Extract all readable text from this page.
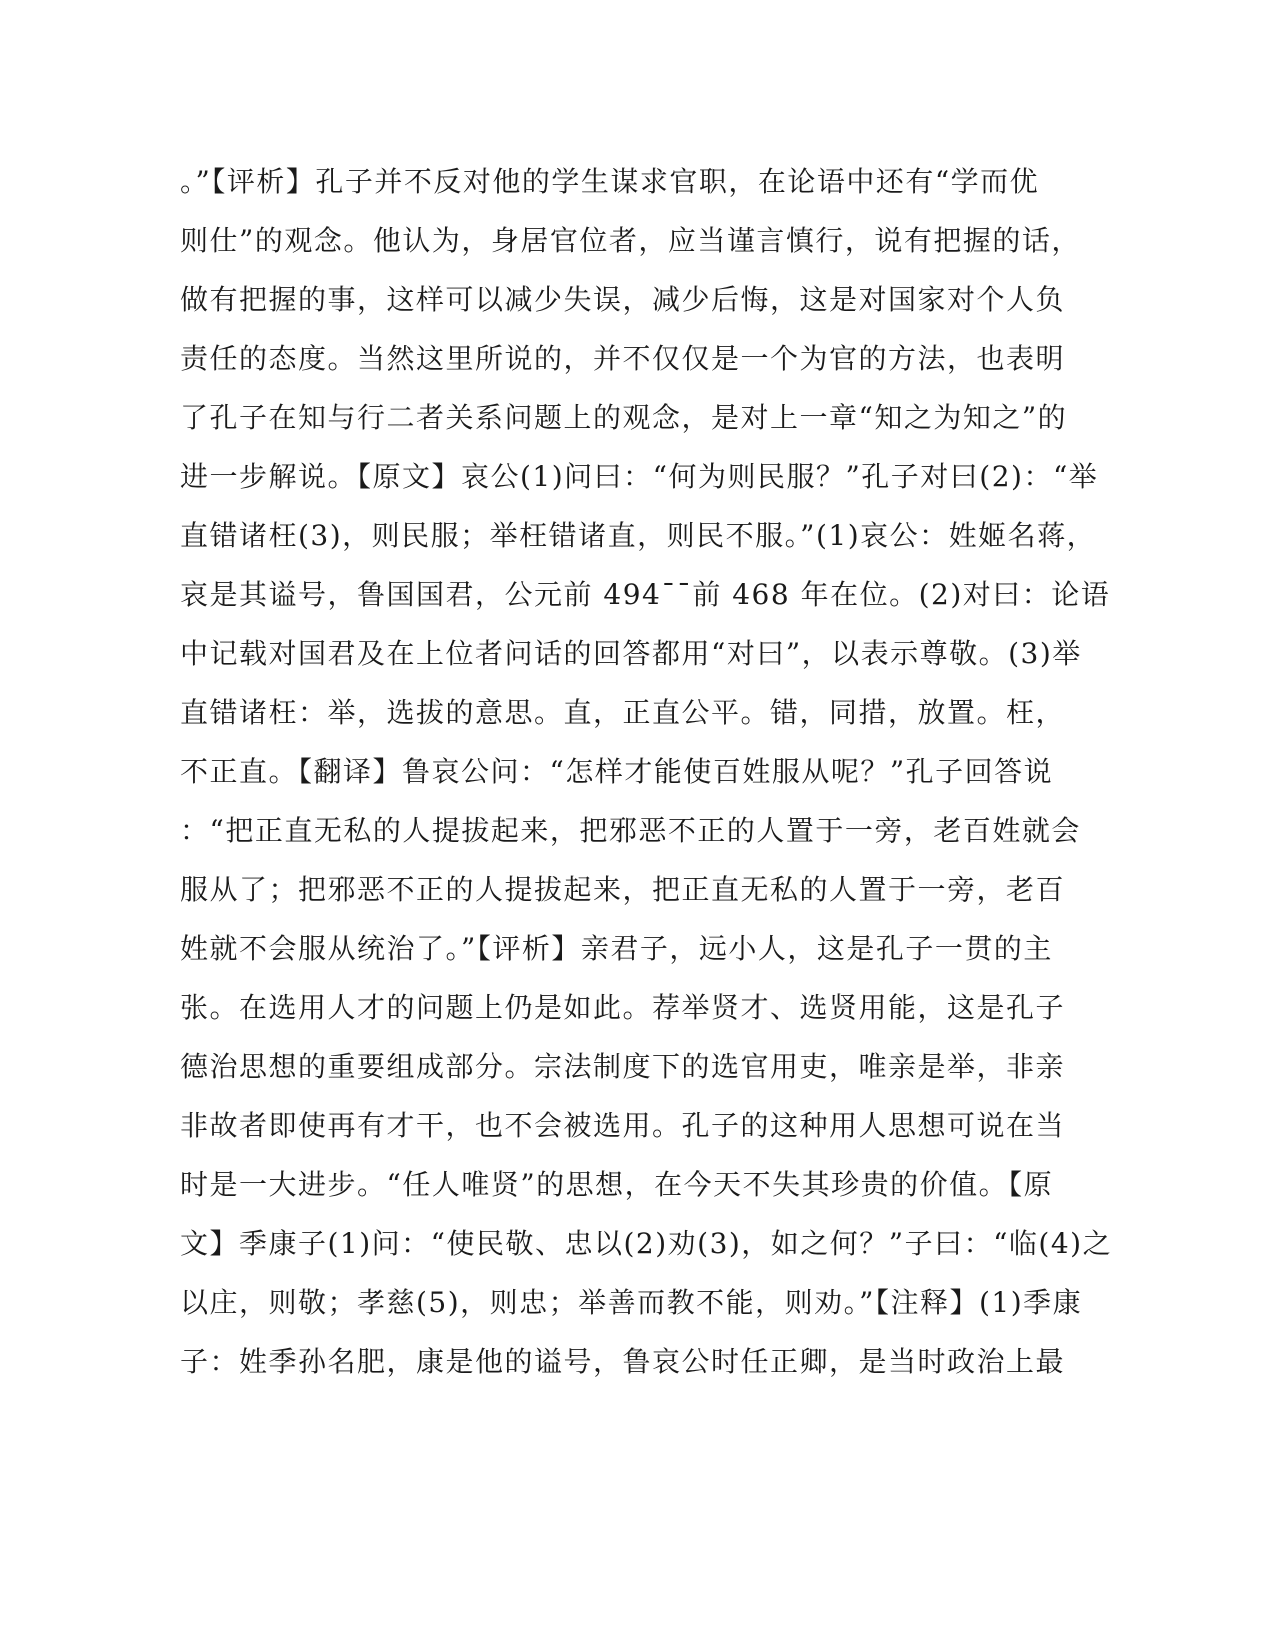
。”【评析】孔子并不反对他的学生谋求官职，在论语中还有“学而优
则仕”的观念。他认为，身居官位者，应当谨言慎行，说有把握的话，
做有把握的事，这样可以减少失误，减少后悔，这是对国家对个人负
责任的态度。当然这里所说的，并不仅仅是一个为官的方法，也表明
了孔子在知与行二者关系问题上的观念，是对上一章“知之为知之”的
进一步解说。【原文】哀公(1)问曰：“何为则民服？”孔子对曰(2)：“举
直错诸枉(3)，则民服；举枉错诸直，则民不服。”(1)哀公：姓姬名蒋，
哀是其谥号，鲁国国君，公元前 494¯¯前 468 年在位。(2)对曰：论语
中记载对国君及在上位者问话的回答都用“对曰”，以表示尊敬。(3)举
直错诸枉：举，选拔的意思。直，正直公平。错，同措，放置。枉，
不正直。【翻译】鲁哀公问：“怎样才能使百姓服从呢？”孔子回答说
：“把正直无私的人提拔起来，把邪恶不正的人置于一旁，老百姓就会
服从了；把邪恶不正的人提拔起来，把正直无私的人置于一旁，老百
姓就不会服从统治了。”【评析】亲君子，远小人，这是孔子一贯的主
张。在选用人才的问题上仍是如此。荐举贤才、选贤用能，这是孔子
德治思想的重要组成部分。宗法制度下的选官用吏，唯亲是举，非亲
非故者即使再有才干，也不会被选用。孔子的这种用人思想可说在当
时是一大进步。“任人唯贤”的思想，在今天不失其珍贵的价值。【原
文】季康子(1)问：“使民敬、忠以(2)劝(3)，如之何？”子曰：“临(4)之
以庄，则敬；孝慈(5)，则忠；举善而教不能，则劝。”【注释】(1)季康
子：姓季孙名肥，康是他的谥号，鲁哀公时任正卿，是当时政治上最
